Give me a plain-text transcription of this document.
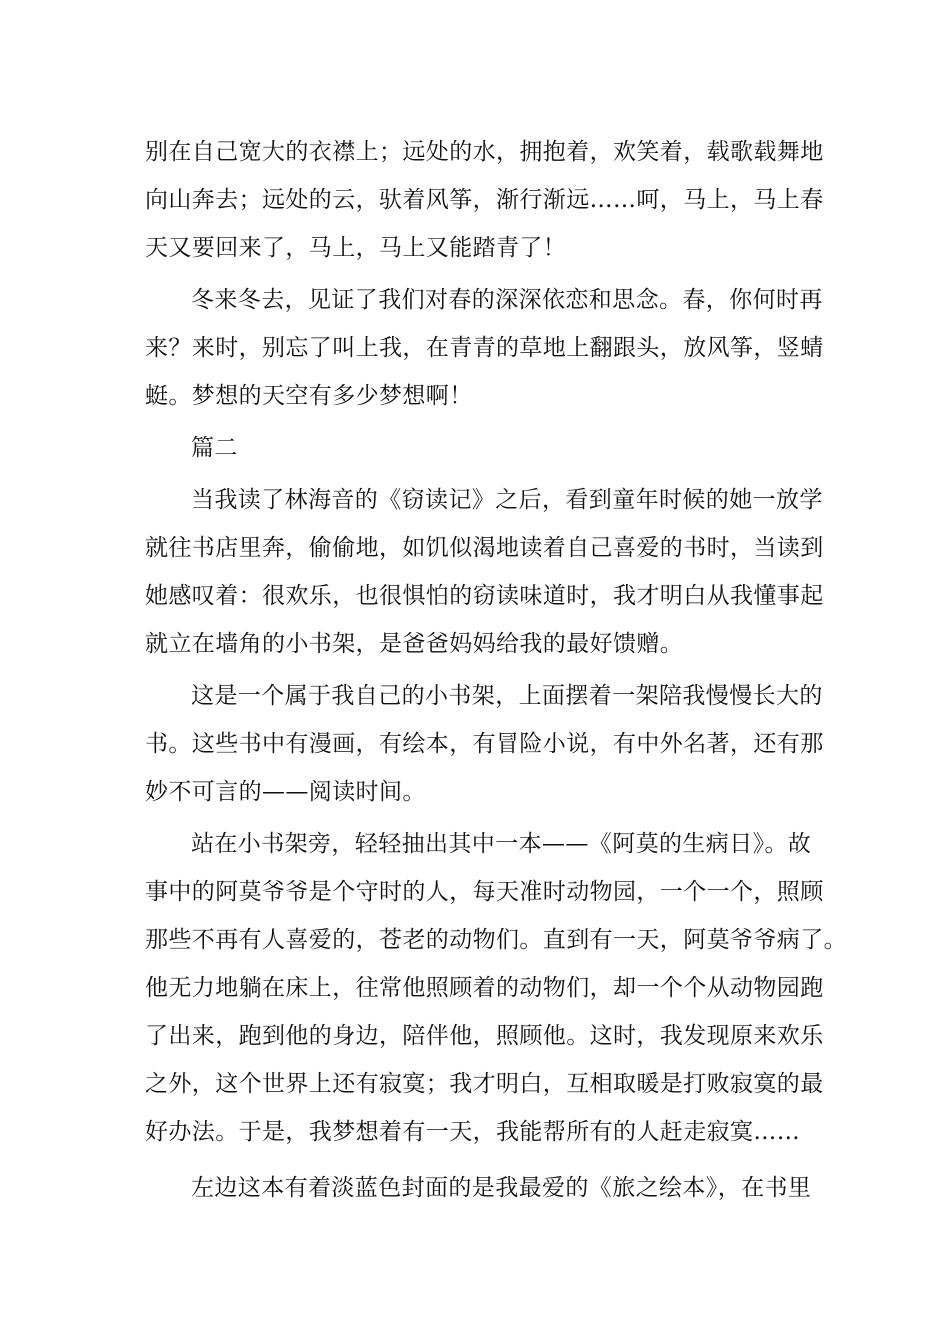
别在自己宽大的衣襟上；远处的水，拥抱着，欢笑着，载歌载舞地
向山奔去；远处的云，驮着风筝，渐行渐远……呵，马上，马上春
天又要回来了，马上，马上又能踏青了！
冬来冬去，见证了我们对春的深深依恋和思念。春，你何时再
来？来时，别忘了叫上我，在青青的草地上翻跟头，放风筝，竖蜻
蜓。梦想的天空有多少梦想啊！
篇二
当我读了林海音的《窃读记》之后，看到童年时候的她一放学
就往书店里奔，偷偷地，如饥似渴地读着自己喜爱的书时，当读到
她感叹着：很欢乐，也很惧怕的窃读味道时，我才明白从我懂事起
就立在墙角的小书架，是爸爸妈妈给我的最好馈赠。
这是一个属于我自己的小书架，上面摆着一架陪我慢慢长大的
书。这些书中有漫画，有绘本，有冒险小说，有中外名著，还有那
妙不可言的——阅读时间。
站在小书架旁，轻轻抽出其中一本——《阿莫的生病日》。故
事中的阿莫爷爷是个守时的人，每天准时动物园，一个一个，照顾
那些不再有人喜爱的，苍老的动物们。直到有一天，阿莫爷爷病了。
他无力地躺在床上，往常他照顾着的动物们，却一个个从动物园跑
了出来，跑到他的身边，陪伴他，照顾他。这时，我发现原来欢乐
之外，这个世界上还有寂寞；我才明白，互相取暖是打败寂寞的最
好办法。于是，我梦想着有一天，我能帮所有的人赶走寂寞……
左边这本有着淡蓝色封面的是我最爱的《旅之绘本》，在书里
